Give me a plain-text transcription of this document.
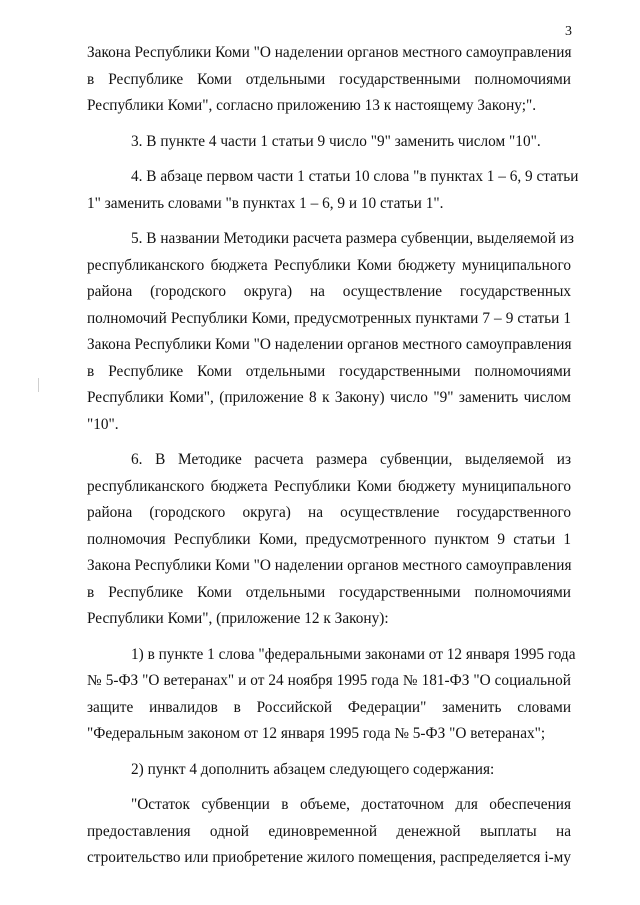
3

Закона Республики Коми "О наделении органов местного самоуправления
в Республике Коми отдельными государственными полномочиями
Республики Коми", согласно приложению 13 к настоящему Закону;".

3. В пункте 4 части 1 статьи 9 число "9" заменить числом "10".

4. В абзаце первом части 1 статьи 10 слова "в пунктах 1 – 6, 9 статьи
1" заменить словами "в пунктах 1 – 6, 9 и 10 статьи 1".

5. В названии Методики расчета размера субвенции, выделяемой из
республиканского бюджета Республики Коми бюджету муниципального
района (городского округа) на осуществление государственных
полномочий Республики Коми, предусмотренных пунктами 7 – 9 статьи 1
Закона Республики Коми "О наделении органов местного самоуправления
в Республике Коми отдельными государственными полномочиями
Республики Коми", (приложение 8 к Закону) число "9" заменить числом
"10".

6. В Методике расчета размера субвенции, выделяемой из
республиканского бюджета Республики Коми бюджету муниципального
района (городского округа) на осуществление государственного
полномочия Республики Коми, предусмотренного пунктом 9 статьи 1
Закона Республики Коми "О наделении органов местного самоуправления
в Республике Коми отдельными государственными полномочиями
Республики Коми", (приложение 12 к Закону):

1) в пункте 1 слова "федеральными законами от 12 января 1995 года
№ 5-ФЗ "О ветеранах" и от 24 ноября 1995 года № 181-ФЗ "О социальной
защите инвалидов в Российской Федерации" заменить словами
"Федеральным законом от 12 января 1995 года № 5-ФЗ "О ветеранах";

2) пункт 4 дополнить абзацем следующего содержания:

"Остаток субвенции в объеме, достаточном для обеспечения
предоставления одной единовременной денежной выплаты на
строительство или приобретение жилого помещения, распределяется i-му
